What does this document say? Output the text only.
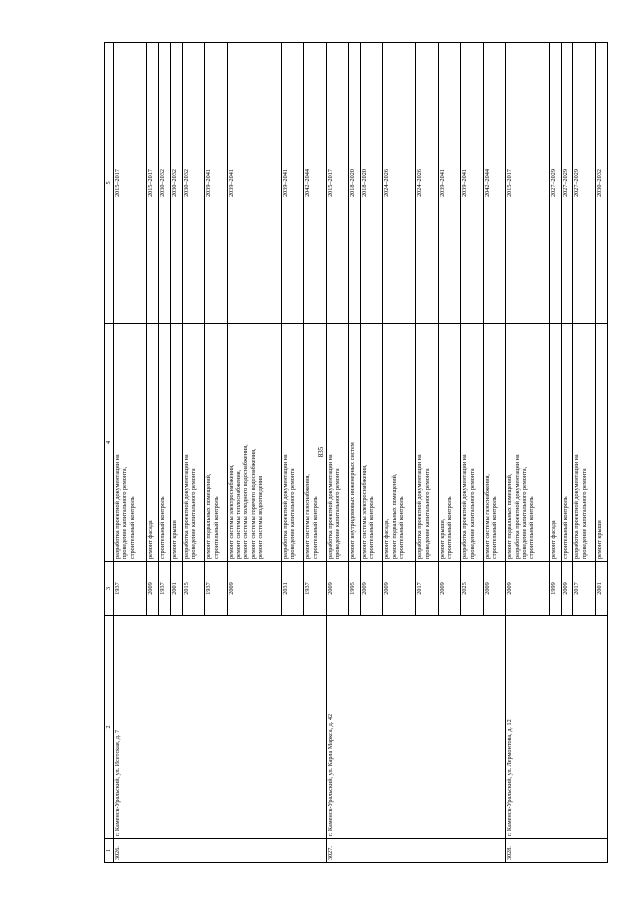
835
1	2	3	4	5
3026.	г. Каменск-Уральский, ул. Исетская, д. 7	1937	разработка проектной документации на проведение капитального ремонта, строительный контроль	2015–2017
		2009	ремонт фасада	2015–2017
		1937	строительный контроль	2030–2032
		2001	ремонт крыши	2030–2032
		2015	разработка проектной документации на проведение капитального ремонта	2030–2032
		1937	ремонт подвальных помещений, строительный контроль	2039–2041
		2009	ремонт системы электроснабжения, ремонт системы теплоснабжения, ремонт системы холодного водоснабжения, ремонт системы горячего водоснабжения, ремонт системы водоотведения	2039–2041
		2031	разработка проектной документации на проведение капитального ремонта	2039–2041
		1937	ремонт системы газоснабжения, строительный контроль	2042–2044
3027.	г. Каменск-Уральский, ул. Карла Маркса, д. 42	2009	разработка проектной документации на проведение капитального ремонта	2015–2017
		1995	ремонт внутридомовых инженерных систем	2018–2020
		2009	ремонт системы электроснабжения, строительный контроль	2018–2020
		2009	ремонт фасада, ремонт подвальных помещений, строительный контроль	2024–2026
		2017	разработка проектной документации на проведение капитального ремонта	2024–2026
		2009	ремонт крыши, строительный контроль	2039–2041
		2025	разработка проектной документации на проведение капитального ремонта	2039–2041
		2009	ремонт системы газоснабжения, строительный контроль	2042–2044
3028.	г. Каменск-Уральский, ул. Лермонтова, д. 12	2009	ремонт подвальных помещений, разработка проектной документации на проведение капитального ремонта, строительный контроль	2015–2017
		1999	ремонт фасада	2027–2029
		2009	строительный контроль	2027–2029
		2017	разработка проектной документации на проведение капитального ремонта	2027–2029
		2001	ремонт крыши	2030–2032
